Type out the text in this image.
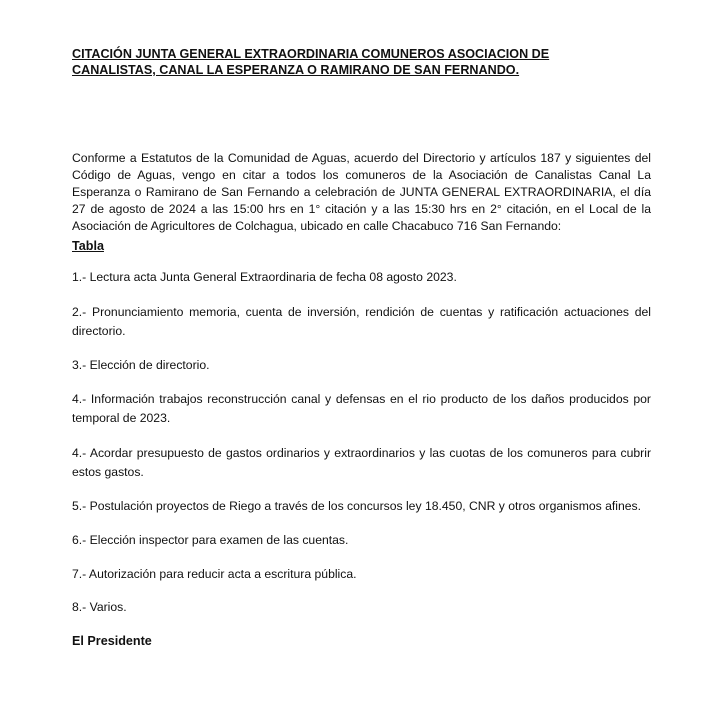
CITACIÓN JUNTA GENERAL EXTRAORDINARIA COMUNEROS ASOCIACION DE CANALISTAS, CANAL LA ESPERANZA O RAMIRANO DE SAN FERNANDO.

Conforme a Estatutos de la Comunidad de Aguas, acuerdo del Directorio y artículos 187 y siguientes del Código de Aguas, vengo en citar a todos los comuneros de la Asociación de Canalistas Canal La Esperanza o Ramirano de San Fernando a celebración de JUNTA GENERAL EXTRAORDINARIA, el día 27 de agosto de 2024 a las 15:00 hrs en 1° citación y a las 15:30 hrs en 2° citación, en el Local de la Asociación de Agricultores de Colchagua, ubicado en calle Chacabuco 716 San Fernando:

Tabla

1.- Lectura acta Junta General Extraordinaria de fecha 08 agosto 2023.

2.- Pronunciamiento memoria, cuenta de inversión, rendición de cuentas y ratificación actuaciones del directorio.

3.- Elección de directorio.

4.- Información trabajos reconstrucción canal y defensas en el rio producto de los daños producidos por temporal de 2023.

4.- Acordar presupuesto de gastos ordinarios y extraordinarios y las cuotas de los comuneros para cubrir estos gastos.

5.- Postulación proyectos de Riego a través de los concursos ley 18.450, CNR y otros organismos afines.

6.- Elección inspector para examen de las cuentas.

7.- Autorización para reducir acta a escritura pública.

8.- Varios.

El Presidente
